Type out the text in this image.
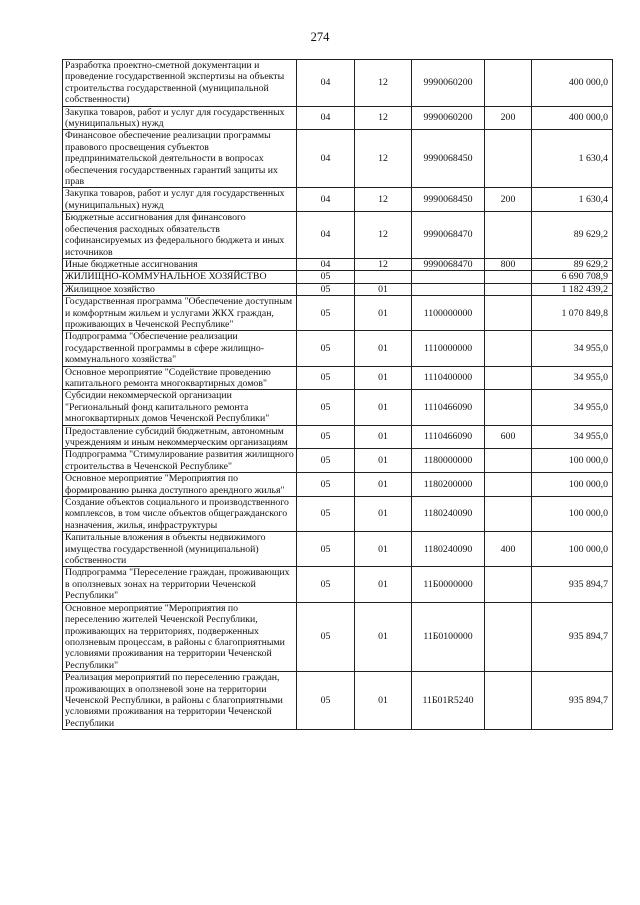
274
Разработка проектно-сметной документации и проведение государственной экспертизы на объекты строительства государственной (муниципальной собственности)	04	12	9990060200		400 000,0
Закупка товаров, работ и услуг для государственных (муниципальных) нужд	04	12	9990060200	200	400 000,0
Финансовое обеспечение реализации программы правового просвещения субъектов предпринимательской деятельности в вопросах обеспечения государственных гарантий защиты их прав	04	12	9990068450		1 630,4
Закупка товаров, работ и услуг для государственных (муниципальных) нужд	04	12	9990068450	200	1 630,4
Бюджетные ассигнования для финансового обеспечения расходных обязательств софинансируемых из федерального бюджета и иных источников	04	12	9990068470		89 629,2
Иные бюджетные ассигнования	04	12	9990068470	800	89 629,2
ЖИЛИЩНО-КОММУНАЛЬНОЕ ХОЗЯЙСТВО	05				6 690 708,9
Жилищное хозяйство	05	01			1 182 439,2
Государственная программа "Обеспечение доступным и комфортным жильем и услугами ЖКХ граждан, проживающих в Чеченской Республике"	05	01	1100000000		1 070 849,8
Подпрограмма "Обеспечение реализации государственной программы в сфере жилищно-коммунального хозяйства"	05	01	1110000000		34 955,0
Основное мероприятие "Содействие проведению капитального ремонта многоквартирных домов"	05	01	1110400000		34 955,0
Субсидии некоммерческой организации "Региональный фонд капитального ремонта многоквартирных домов Чеченской Республики"	05	01	1110466090		34 955,0
Предоставление субсидий бюджетным, автономным учреждениям и иным некоммерческим организациям	05	01	1110466090	600	34 955,0
Подпрограмма "Стимулирование развития жилищного строительства в Чеченской Республике"	05	01	1180000000		100 000,0
Основное мероприятие "Мероприятия по формированию рынка доступного арендного жилья"	05	01	1180200000		100 000,0
Создание объектов социального и производственного комплексов, в том числе объектов общегражданского назначения, жилья, инфраструктуры	05	01	1180240090		100 000,0
Капитальные вложения в объекты недвижимого имущества государственной (муниципальной) собственности	05	01	1180240090	400	100 000,0
Подпрограмма "Переселение граждан, проживающих в оползневых зонах на территории Чеченской Республики"	05	01	11Б0000000		935 894,7
Основное мероприятие "Мероприятия по переселению жителей Чеченской Республики, проживающих на территориях, подверженных оползневым процессам, в районы с благоприятными условиями проживания на территории Чеченской Республики"	05	01	11Б0100000		935 894,7
Реализация мероприятий по переселению граждан, проживающих в оползневой зоне на территории Чеченской Республики, в районы с благоприятными условиями проживания на территории Чеченской Республики	05	01	11Б01R5240		935 894,7
